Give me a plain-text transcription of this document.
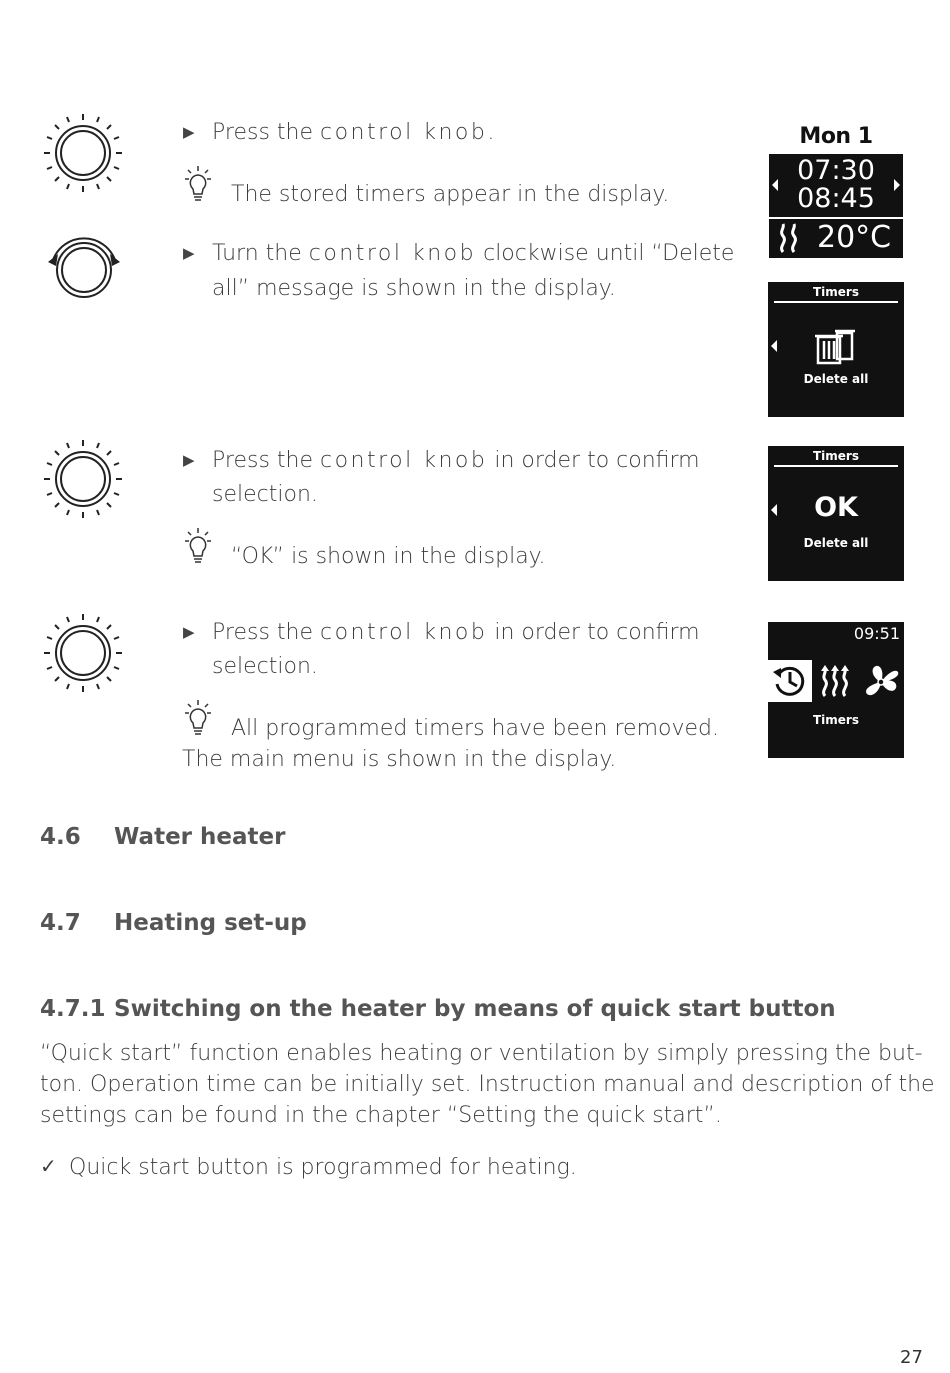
▶ Press the control knob.
The stored timers appear in the display.
▶ Turn the control knob clockwise until “Delete
all” message is shown in the display.
▶ Press the control knob in order to confirm
selection.
“OK” is shown in the display.
▶ Press the control knob in order to confirm
selection.
All programmed timers have been removed.
The main menu is shown in the display.
Mon 1
07:30
08:45
20°C
Timers
Delete all
Timers
OK
Delete all
09:51
Timers
4.6 Water heater
4.7 Heating set-up
4.7.1 Switching on the heater by means of quick start button
“Quick start” function enables heating or ventilation by simply pressing the but-
ton. Operation time can be initially set. Instruction manual and description of the
settings can be found in the chapter “Setting the quick start”.
✓ Quick start button is programmed for heating.
27
